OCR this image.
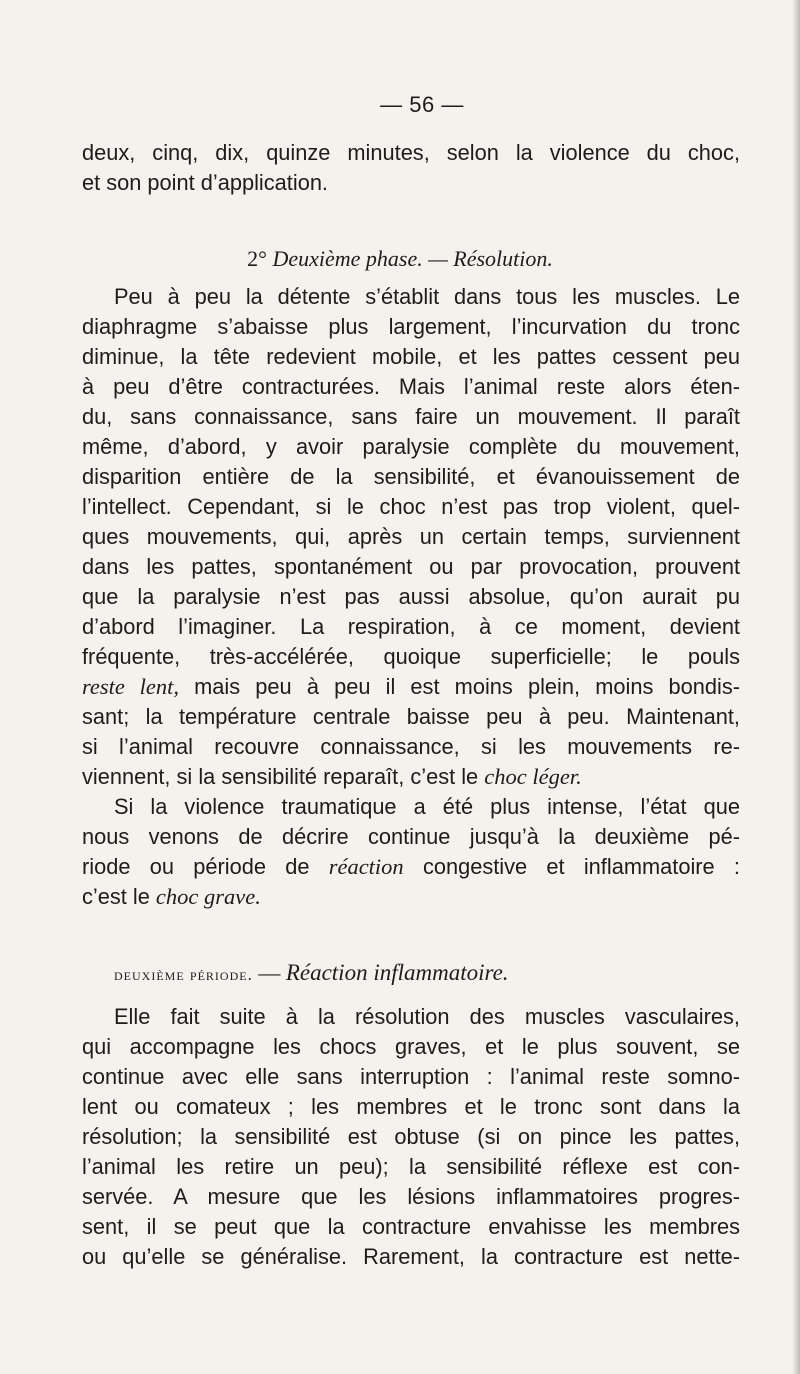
— 56 —
deux, cinq, dix, quinze minutes, selon la violence du choc,
et son point d’application.
2° Deuxième phase. — Résolution.
Peu à peu la détente s’établit dans tous les muscles. Le
diaphragme s’abaisse plus largement, l’incurvation du tronc
diminue, la tête redevient mobile, et les pattes cessent peu
à peu d’être contracturées. Mais l’animal reste alors éten-
du, sans connaissance, sans faire un mouvement. Il paraît
même, d’abord, y avoir paralysie complète du mouvement,
disparition entière de la sensibilité, et évanouissement de
l’intellect. Cependant, si le choc n’est pas trop violent, quel-
ques mouvements, qui, après un certain temps, surviennent
dans les pattes, spontanément ou par provocation, prouvent
que la paralysie n’est pas aussi absolue, qu’on aurait pu
d’abord l’imaginer. La respiration, à ce moment, devient
fréquente, très-accélérée, quoique superficielle; le pouls
reste lent, mais peu à peu il est moins plein, moins bondis-
sant; la température centrale baisse peu à peu. Maintenant,
si l’animal recouvre connaissance, si les mouvements re-
viennent, si la sensibilité reparaît, c’est le choc léger.
Si la violence traumatique a été plus intense, l’état que
nous venons de décrire continue jusqu’à la deuxième pé-
riode ou période de réaction congestive et inflammatoire :
c’est le choc grave.
deuxième période. — Réaction inflammatoire.
Elle fait suite à la résolution des muscles vasculaires,
qui accompagne les chocs graves, et le plus souvent, se
continue avec elle sans interruption : l’animal reste somno-
lent ou comateux ; les membres et le tronc sont dans la
résolution; la sensibilité est obtuse (si on pince les pattes,
l’animal les retire un peu); la sensibilité réflexe est con-
servée. A mesure que les lésions inflammatoires progres-
sent, il se peut que la contracture envahisse les membres
ou qu’elle se généralise. Rarement, la contracture est nette-
